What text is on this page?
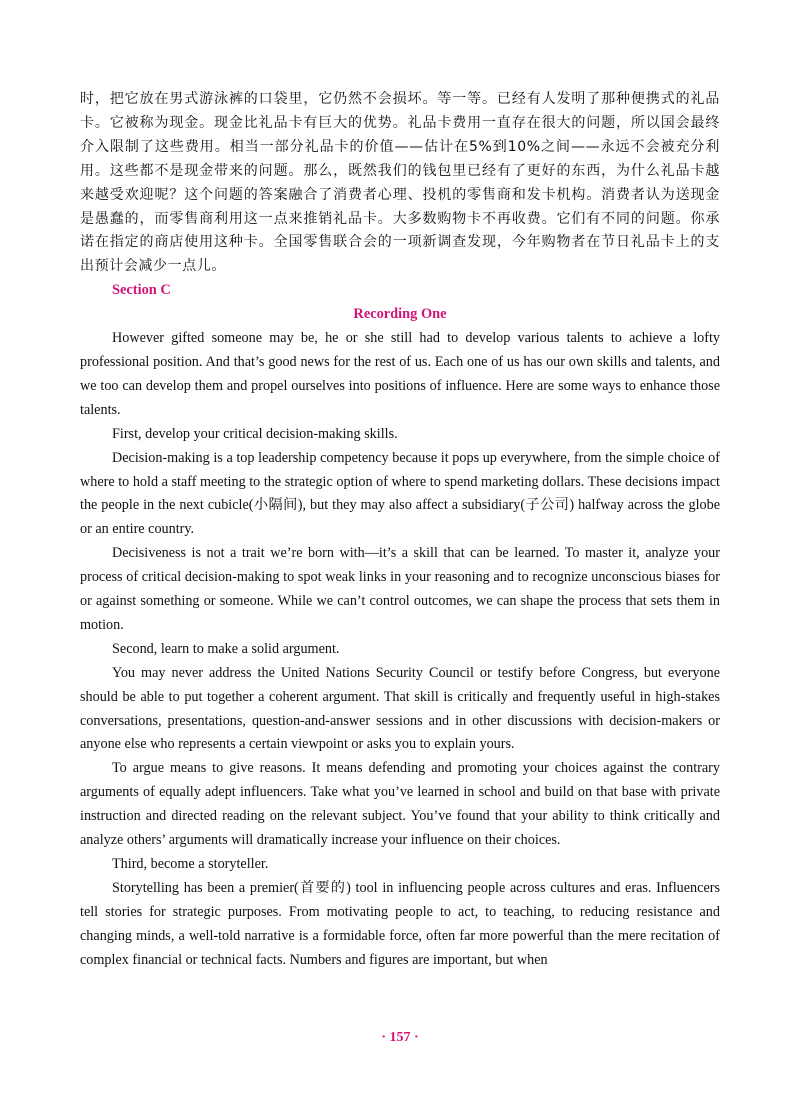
时，把它放在男式游泳裤的口袋里，它仍然不会损坏。等一等。已经有人发明了那种便携式的礼品卡。它被称为现金。现金比礼品卡有巨大的优势。礼品卡费用一直存在很大的问题，所以国会最终介入限制了这些费用。相当一部分礼品卡的价值——估计在5%到10%之间——永远不会被充分利用。这些都不是现金带来的问题。那么，既然我们的钱包里已经有了更好的东西，为什么礼品卡越来越受欢迎呢？这个问题的答案融合了消费者心理、投机的零售商和发卡机构。消费者认为送现金是愚蠢的，而零售商利用这一点来推销礼品卡。大多数购物卡不再收费。它们有不同的问题。你承诺在指定的商店使用这种卡。全国零售联合会的一项新调查发现，今年购物者在节日礼品卡上的支出预计会减少一点儿。

Section C

Recording One

However gifted someone may be, he or she still had to develop various talents to achieve a lofty professional position. And that’s good news for the rest of us. Each one of us has our own skills and talents, and we too can develop them and propel ourselves into positions of influence. Here are some ways to enhance those talents.

First, develop your critical decision-making skills.

Decision-making is a top leadership competency because it pops up everywhere, from the simple choice of where to hold a staff meeting to the strategic option of where to spend marketing dollars. These decisions impact the people in the next cubicle(小隔间), but they may also affect a subsidiary(子公司) halfway across the globe or an entire country.

Decisiveness is not a trait we’re born with—it’s a skill that can be learned. To master it, analyze your process of critical decision-making to spot weak links in your reasoning and to recognize unconscious biases for or against something or someone. While we can’t control outcomes, we can shape the process that sets them in motion.

Second, learn to make a solid argument.

You may never address the United Nations Security Council or testify before Congress, but everyone should be able to put together a coherent argument. That skill is critically and frequently useful in high-stakes conversations, presentations, question-and-answer sessions and in other discussions with decision-makers or anyone else who represents a certain viewpoint or asks you to explain yours.

To argue means to give reasons. It means defending and promoting your choices against the contrary arguments of equally adept influencers. Take what you’ve learned in school and build on that base with private instruction and directed reading on the relevant subject. You’ve found that your ability to think critically and analyze others’ arguments will dramatically increase your influence on their choices.

Third, become a storyteller.

Storytelling has been a premier(首要的) tool in influencing people across cultures and eras. Influencers tell stories for strategic purposes. From motivating people to act, to teaching, to reducing resistance and changing minds, a well-told narrative is a formidable force, often far more powerful than the mere recitation of complex financial or technical facts. Numbers and figures are important, but when

· 157 ·
